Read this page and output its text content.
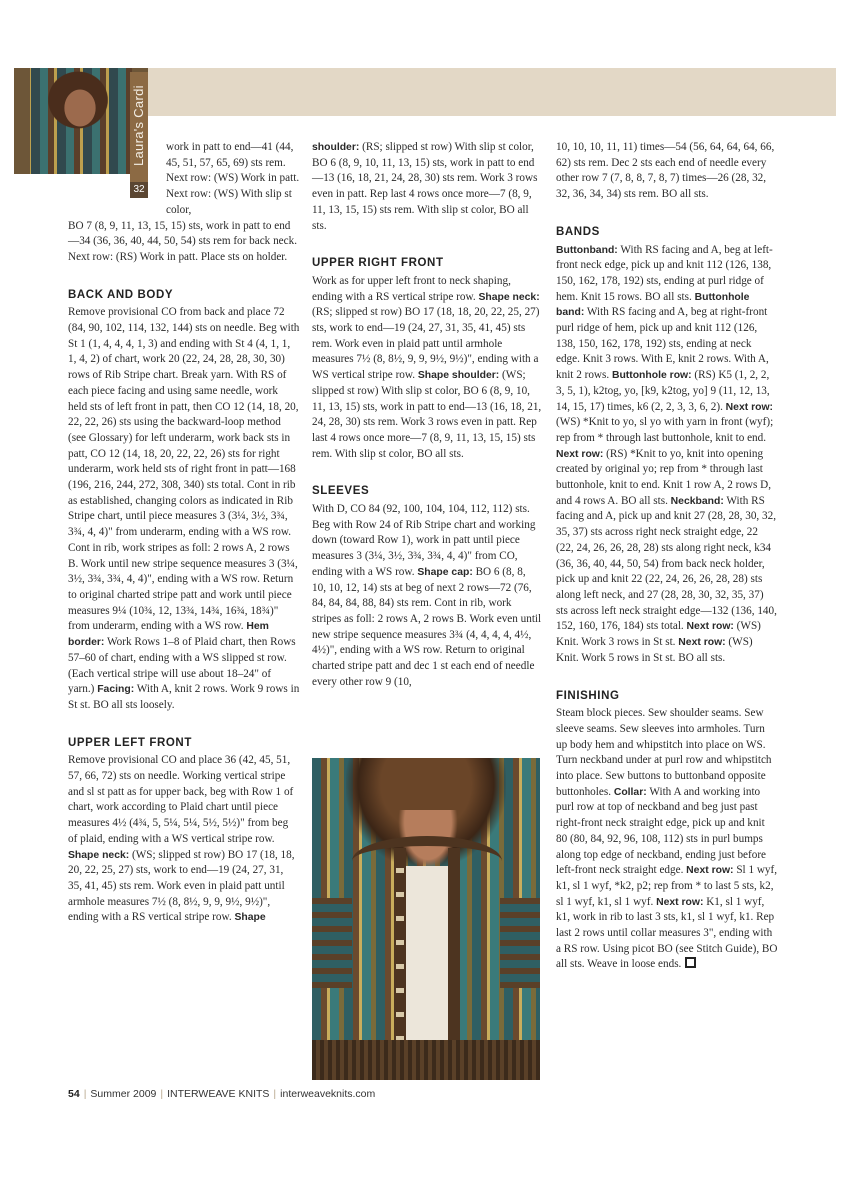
Laura's Cardi
32

work in patt to end—41 (44, 45, 51, 57, 65, 69) sts rem. Next row: (WS) Work in patt. Next row: (WS) With slip st color,

BO 7 (8, 9, 11, 13, 15, 15) sts, work in patt to end—34 (36, 36, 40, 44, 50, 54) sts rem for back neck. Next row: (RS) Work in patt. Place sts on holder.

BACK AND BODY

Remove provisional CO from back and place 72 (84, 90, 102, 114, 132, 144) sts on needle. Beg with St 1 (1, 4, 4, 4, 1, 3) and ending with St 4 (4, 1, 1, 1, 4, 2) of chart, work 20 (22, 24, 28, 28, 30, 30) rows of Rib Stripe chart. Break yarn. With RS of each piece facing and using same needle, work held sts of left front in patt, then CO 12 (14, 18, 20, 22, 22, 26) sts using the backward-loop method (see Glossary) for left underarm, work back sts in patt, CO 12 (14, 18, 20, 22, 22, 26) sts for right underarm, work held sts of right front in patt—168 (196, 216, 244, 272, 308, 340) sts total. Cont in rib as established, changing colors as indicated in Rib Stripe chart, until piece measures 3 (3¼, 3½, 3¾, 3¾, 4, 4)" from underarm, ending with a WS row. Cont in rib, work stripes as foll: 2 rows A, 2 rows B. Work until new stripe sequence measures 3 (3¼, 3½, 3¾, 3¾, 4, 4)", ending with a WS row. Return to original charted stripe patt and work until piece measures 9¼ (10¾, 12, 13¾, 14¾, 16¾, 18¾)" from underarm, ending with a WS row. Hem border: Work Rows 1–8 of Plaid chart, then Rows 57–60 of chart, ending with a WS slipped st row. (Each vertical stripe will use about 18–24" of yarn.) Facing: With A, knit 2 rows. Work 9 rows in St st. BO all sts loosely.

UPPER LEFT FRONT

Remove provisional CO and place 36 (42, 45, 51, 57, 66, 72) sts on needle. Working vertical stripe and sl st patt as for upper back, beg with Row 1 of chart, work according to Plaid chart until piece measures 4½ (4¾, 5, 5¼, 5¼, 5½, 5½)" from beg of plaid, ending with a WS vertical stripe row. Shape neck: (WS; slipped st row) BO 17 (18, 18, 20, 22, 25, 27) sts, work to end—19 (24, 27, 31, 35, 41, 45) sts rem. Work even in plaid patt until armhole measures 7½ (8, 8½, 9, 9, 9½, 9½)", ending with a RS vertical stripe row. Shape

shoulder: (RS; slipped st row) With slip st color, BO 6 (8, 9, 10, 11, 13, 15) sts, work in patt to end—13 (16, 18, 21, 24, 28, 30) sts rem. Work 3 rows even in patt. Rep last 4 rows once more—7 (8, 9, 11, 13, 15, 15) sts rem. With slip st color, BO all sts.

UPPER RIGHT FRONT

Work as for upper left front to neck shaping, ending with a RS vertical stripe row. Shape neck: (RS; slipped st row) BO 17 (18, 18, 20, 22, 25, 27) sts, work to end—19 (24, 27, 31, 35, 41, 45) sts rem. Work even in plaid patt until armhole measures 7½ (8, 8½, 9, 9, 9½, 9½)", ending with a WS vertical stripe row. Shape shoulder: (WS; slipped st row) With slip st color, BO 6 (8, 9, 10, 11, 13, 15) sts, work in patt to end—13 (16, 18, 21, 24, 28, 30) sts rem. Work 3 rows even in patt. Rep last 4 rows once more—7 (8, 9, 11, 13, 15, 15) sts rem. With slip st color, BO all sts.

SLEEVES

With D, CO 84 (92, 100, 104, 104, 112, 112) sts. Beg with Row 24 of Rib Stripe chart and working down (toward Row 1), work in patt until piece measures 3 (3¼, 3½, 3¾, 3¾, 4, 4)" from CO, ending with a WS row. Shape cap: BO 6 (8, 8, 10, 10, 12, 14) sts at beg of next 2 rows—72 (76, 84, 84, 84, 88, 84) sts rem. Cont in rib, work stripes as foll: 2 rows A, 2 rows B. Work even until new stripe sequence measures 3¾ (4, 4, 4, 4, 4½, 4½)", ending with a WS row. Return to original charted stripe patt and dec 1 st each end of needle every other row 9 (10,

10, 10, 10, 11, 11) times—54 (56, 64, 64, 64, 66, 62) sts rem. Dec 2 sts each end of needle every other row 7 (7, 8, 8, 7, 8, 7) times—26 (28, 32, 32, 36, 34, 34) sts rem. BO all sts.

BANDS

Buttonband: With RS facing and A, beg at left-front neck edge, pick up and knit 112 (126, 138, 150, 162, 178, 192) sts, ending at purl ridge of hem. Knit 15 rows. BO all sts. Buttonhole band: With RS facing and A, beg at right-front purl ridge of hem, pick up and knit 112 (126, 138, 150, 162, 178, 192) sts, ending at neck edge. Knit 3 rows. With E, knit 2 rows. With A, knit 2 rows. Buttonhole row: (RS) K5 (1, 2, 2, 3, 5, 1), k2tog, yo, [k9, k2tog, yo] 9 (11, 12, 13, 14, 15, 17) times, k6 (2, 2, 3, 3, 6, 2). Next row: (WS) *Knit to yo, sl yo with yarn in front (wyf); rep from * through last buttonhole, knit to end. Next row: (RS) *Knit to yo, knit into opening created by original yo; rep from * through last buttonhole, knit to end. Knit 1 row A, 2 rows D, and 4 rows A. BO all sts. Neckband: With RS facing and A, pick up and knit 27 (28, 28, 30, 32, 35, 37) sts across right neck straight edge, 22 (22, 24, 26, 26, 28, 28) sts along right neck, k34 (36, 36, 40, 44, 50, 54) from back neck holder, pick up and knit 22 (22, 24, 26, 26, 28, 28) sts along left neck, and 27 (28, 28, 30, 32, 35, 37) sts across left neck straight edge—132 (136, 140, 152, 160, 176, 184) sts total. Next row: (WS) Knit. Work 3 rows in St st. Next row: (WS) Knit. Work 5 rows in St st. BO all sts.

FINISHING

Steam block pieces. Sew shoulder seams. Sew sleeve seams. Sew sleeves into armholes. Turn up body hem and whipstitch into place on WS. Turn neckband under at purl row and whipstitch into place. Sew buttons to buttonband opposite buttonholes. Collar: With A and working into purl row at top of neckband and beg just past right-front neck straight edge, pick up and knit 80 (80, 84, 92, 96, 108, 112) sts in purl bumps along top edge of neckband, ending just before left-front neck straight edge. Next row: Sl 1 wyf, k1, sl 1 wyf, *k2, p2; rep from * to last 5 sts, k2, sl 1 wyf, k1, sl 1 wyf. Next row: K1, sl 1 wyf, k1, work in rib to last 3 sts, k1, sl 1 wyf, k1. Rep last 2 rows until collar measures 3", ending with a RS row. Using picot BO (see Stitch Guide), BO all sts. Weave in loose ends.

54 | Summer 2009 | INTERWEAVE KNITS | interweaveknits.com
